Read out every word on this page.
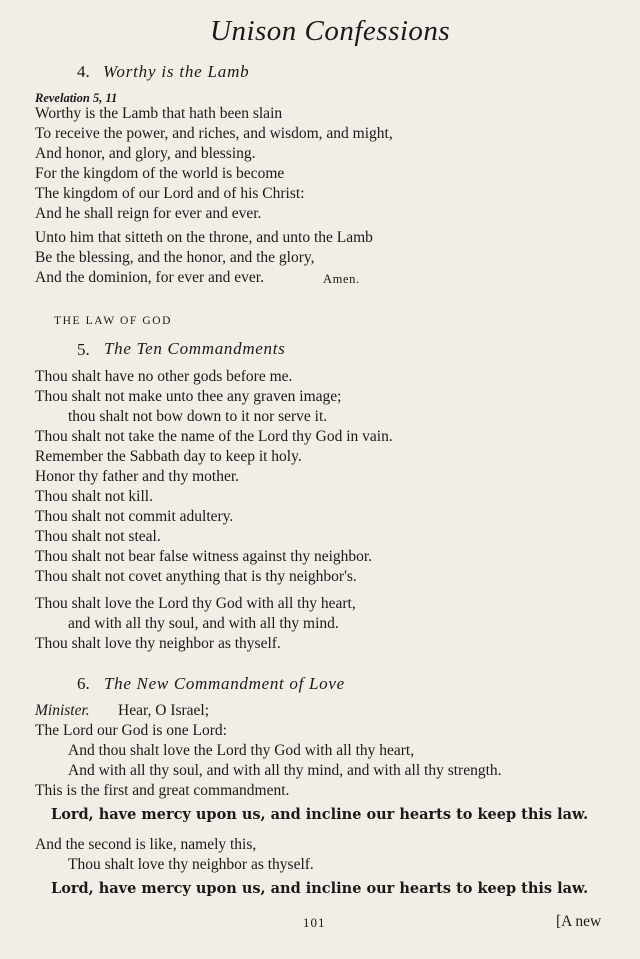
Unison Confessions
4. Worthy is the Lamb
Revelation 5, 11
Worthy is the Lamb that hath been slain
To receive the power, and riches, and wisdom, and might,
And honor, and glory, and blessing.
For the kingdom of the world is become
The kingdom of our Lord and of his Christ:
And he shall reign for ever and ever.
Unto him that sitteth on the throne, and unto the Lamb
Be the blessing, and the honor, and the glory,
And the dominion, for ever and ever.	Amen.
THE LAW OF GOD
5. The Ten Commandments
Thou shalt have no other gods before me.
Thou shalt not make unto thee any graven image;
thou shalt not bow down to it nor serve it.
Thou shalt not take the name of the Lord thy God in vain.
Remember the Sabbath day to keep it holy.
Honor thy father and thy mother.
Thou shalt not kill.
Thou shalt not commit adultery.
Thou shalt not steal.
Thou shalt not bear false witness against thy neighbor.
Thou shalt not covet anything that is thy neighbor's.
Thou shalt love the Lord thy God with all thy heart,
and with all thy soul, and with all thy mind.
Thou shalt love thy neighbor as thyself.
6. The New Commandment of Love
Minister. Hear, O Israel;
The Lord our God is one Lord:
And thou shalt love the Lord thy God with all thy heart,
And with all thy soul, and with all thy mind, and with all thy strength.
This is the first and great commandment.
Lord, have mercy upon us, and incline our hearts to keep this law.
And the second is like, namely this,
Thou shalt love thy neighbor as thyself.
Lord, have mercy upon us, and incline our hearts to keep this law.
101	[A new
